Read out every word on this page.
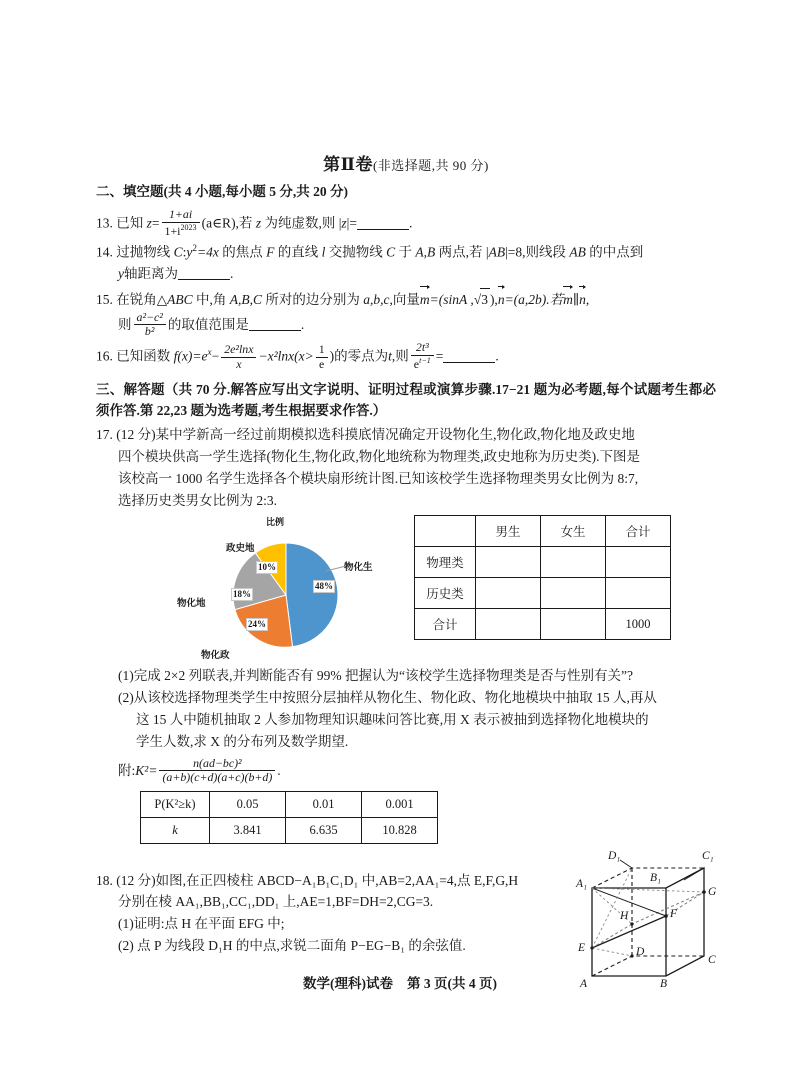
第Ⅱ卷(非选择题,共 90 分)
二、填空题(共 4 小题,每小题 5 分,共 20 分)
13. 已知 $z= \frac{1+ai}{1+i^{2023}}$ (a∈R),若 z 为纯虚数,则 |z|=	.
14. 过抛物线 $C:y^2=4x$ 的焦点 F 的直线 l 交抛物线 C 于 A,B 两点,若 |AB|=8,则线段 AB 的中点到
y轴距离为	.
15. 在锐角△ABC 中,角 A,B,C 所对的边分别为 a,b,c,向量m=(sinA ,√3 ),n=(a,2b).若m∥n,
则 $\frac{\text{a²−c²}}{\text{b²}}$ 的取值范围是	.
16. 已知函数 $f(x)=e^x- \frac{\text{2e²lnx}}{x} -x^2\ln x(x> \frac{1}{e}$ )的零点为t,则 $\frac{\text{2t³}}{e^{t-1}}$ =	.
三、解答题（共 70 分.解答应写出文字说明、证明过程或演算步骤.17−21 题为必考题,每个试题考生都必须作答.第 22,23 题为选考题,考生根据要求作答.）
17. (12 分)某中学新高一经过前期模拟选科摸底情况确定开设物化生,物化政,物化地及政史地
四个模块供高一学生选择(物化生,物化政,物化地统称为物理类,政史地称为历史类).下图是
该校高一 1000 名学生选择各个模块扇形统计图.已知该校学生选择物理类男女比例为 8:7,
选择历史类男女比例为 2:3.
比例
物化生
物化政
物化地
政史地
48%
24%
18%
10%
	男生	女生	合计
物理类			
历史类			
合计			1000
(1)完成 2×2 列联表,并判断能否有 99% 把握认为“该校学生选择物理类是否与性别有关”?
(2)从该校选择物理类学生中按照分层抽样从物化生、物化政、物化地模块中抽取 15 人,再从
这 15 人中随机抽取 2 人参加物理知识趣味问答比赛,用 X 表示被抽到选择物化地模块的
学生人数,求 X 的分布列及数学期望.
附:K²= $\frac{\text{n(ad−bc)²}}{(a+b)(c+d)(a+c)(b+d)}$ .
P(K²≥k)	0.05	0.01	0.001
k	3.841	6.635	10.828
A	B
C
D
A₁	B₁
C₁
D₁
E
F
G
H
18. (12 分)如图,在正四棱柱 ABCD−A₁B₁C₁D₁ 中,AB=2,AA₁=4,点 E,F,G,H
分别在棱 AA₁,BB₁,CC₁,DD₁ 上,AE=1,BF=DH=2,CG=3.
(1)证明:点 H 在平面 EFG 中;
(2) 点 P 为线段 D₁H 的中点,求锐二面角 P−EG−B₁ 的余弦值.
数学(理科)试卷 第 3 页(共 4 页)
